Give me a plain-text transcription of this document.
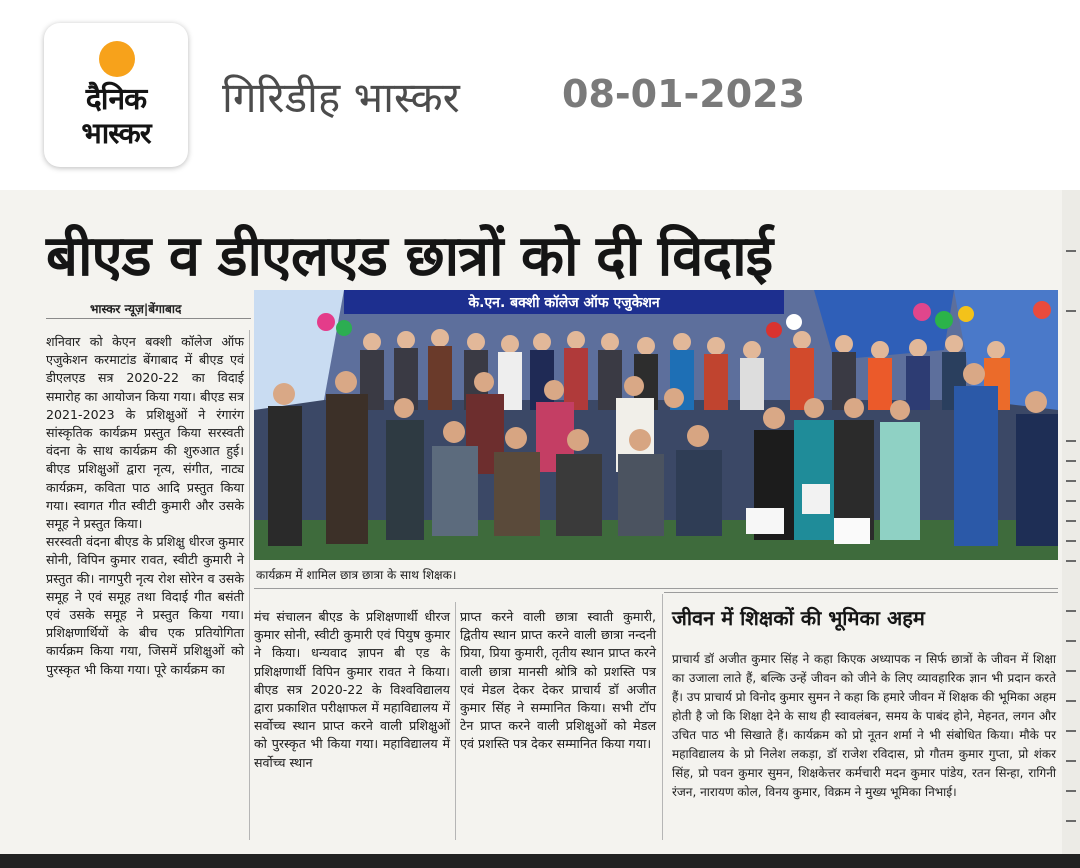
दैनिक
भास्कर
गिरिडीह भास्कर	08-01-2023
बीएड व डीएलएड छात्रों को दी विदाई
भास्कर न्यूज़|बेंगाबाद	के.एन. बक्शी कॉलेज ऑफ एजुकेशन
कार्यक्रम में शामिल छात्र छात्रा के साथ शिक्षक।

शनिवार को केएन बक्शी कॉलेज ऑफ एजुकेशन करमाटांड बेंगाबाद में बीएड एवं डीएलएड सत्र 2020-22 का विदाई समारोह का आयोजन किया गया। बीएड सत्र 2021-2023 के प्रशिक्षुओं ने रंगारंग सांस्कृतिक कार्यक्रम प्रस्तुत किया सरस्वती वंदना के साथ कार्यक्रम की शुरुआत हुई। बीएड प्रशिक्षुओं द्वारा नृत्य, संगीत, नाट्य कार्यक्रम, कविता पाठ आदि प्रस्तुत किया गया। स्वागत गीत स्वीटी कुमारी और उसके समूह ने प्रस्तुत किया।

सरस्वती वंदना बीएड के प्रशिक्षु धीरज कुमार सोनी, विपिन कुमार रावत, स्वीटी कुमारी ने प्रस्तुत की। नागपुरी नृत्य रोश सोरेन व उसके समूह ने एवं समूह तथा विदाई गीत बसंती एवं उसके समूह ने प्रस्तुत किया गया। प्रशिक्षणार्थियों के बीच एक प्रतियोगिता कार्यक्रम किया गया, जिसमें प्रशिक्षुओं को पुरस्कृत भी किया गया। पूरे कार्यक्रम का

मंच संचालन बीएड के प्रशिक्षणार्थी धीरज कुमार सोनी, स्वीटी कुमारी एवं पियुष कुमार ने किया। धन्यवाद ज्ञापन बी एड के प्रशिक्षणार्थी विपिन कुमार रावत ने किया। बीएड सत्र 2020-22 के विश्वविद्यालय द्वारा प्रकाशित परीक्षाफल में महाविद्यालय में सर्वोच्च स्थान प्राप्त करने वाली प्रशिक्षुओं को पुरस्कृत भी किया गया। महाविद्यालय में सर्वोच्च स्थान

प्राप्त करने वाली छात्रा स्वाती कुमारी, द्वितीय स्थान प्राप्त करने वाली छात्रा नन्दनी प्रिया, प्रिया कुमारी, तृतीय स्थान प्राप्त करने वाली छात्रा मानसी श्रोत्रि को प्रशस्ति पत्र एवं मेडल देकर देकर प्राचार्य डॉ अजीत कुमार सिंह ने सम्मानित किया। सभी टॉप टेन प्राप्त करने वाली प्रशिक्षुओं को मेडल एवं प्रशस्ति पत्र देकर सम्मानित किया गया।

जीवन में शिक्षकों की भूमिका अहम

प्राचार्य डॉ अजीत कुमार सिंह ने कहा किएक अध्यापक न सिर्फ छात्रों के जीवन में शिक्षा का उजाला लाते हैं, बल्कि उन्हें जीवन को जीने के लिए व्यावहारिक ज्ञान भी प्रदान करते हैं। उप प्राचार्य प्रो विनोद कुमार सुमन ने कहा कि हमारे जीवन में शिक्षक की भूमिका अहम होती है जो कि शिक्षा देने के साथ ही स्वावलंबन, समय के पाबंद होने, मेहनत, लगन और उचित पाठ भी सिखाते हैं। कार्यक्रम को प्रो नूतन शर्मा ने भी संबोधित किया। मौके पर महाविद्यालय के प्रो निलेश लकड़ा, डॉ राजेश रविदास, प्रो गौतम कुमार गुप्ता, प्रो शंकर सिंह, प्रो पवन कुमार सुमन, शिक्षकेत्तर कर्मचारी मदन कुमार पांडेय, रतन सिन्हा, रागिनी रंजन, नारायण कोल, विनय कुमार, विक्रम ने मुख्य भूमिका निभाई।
